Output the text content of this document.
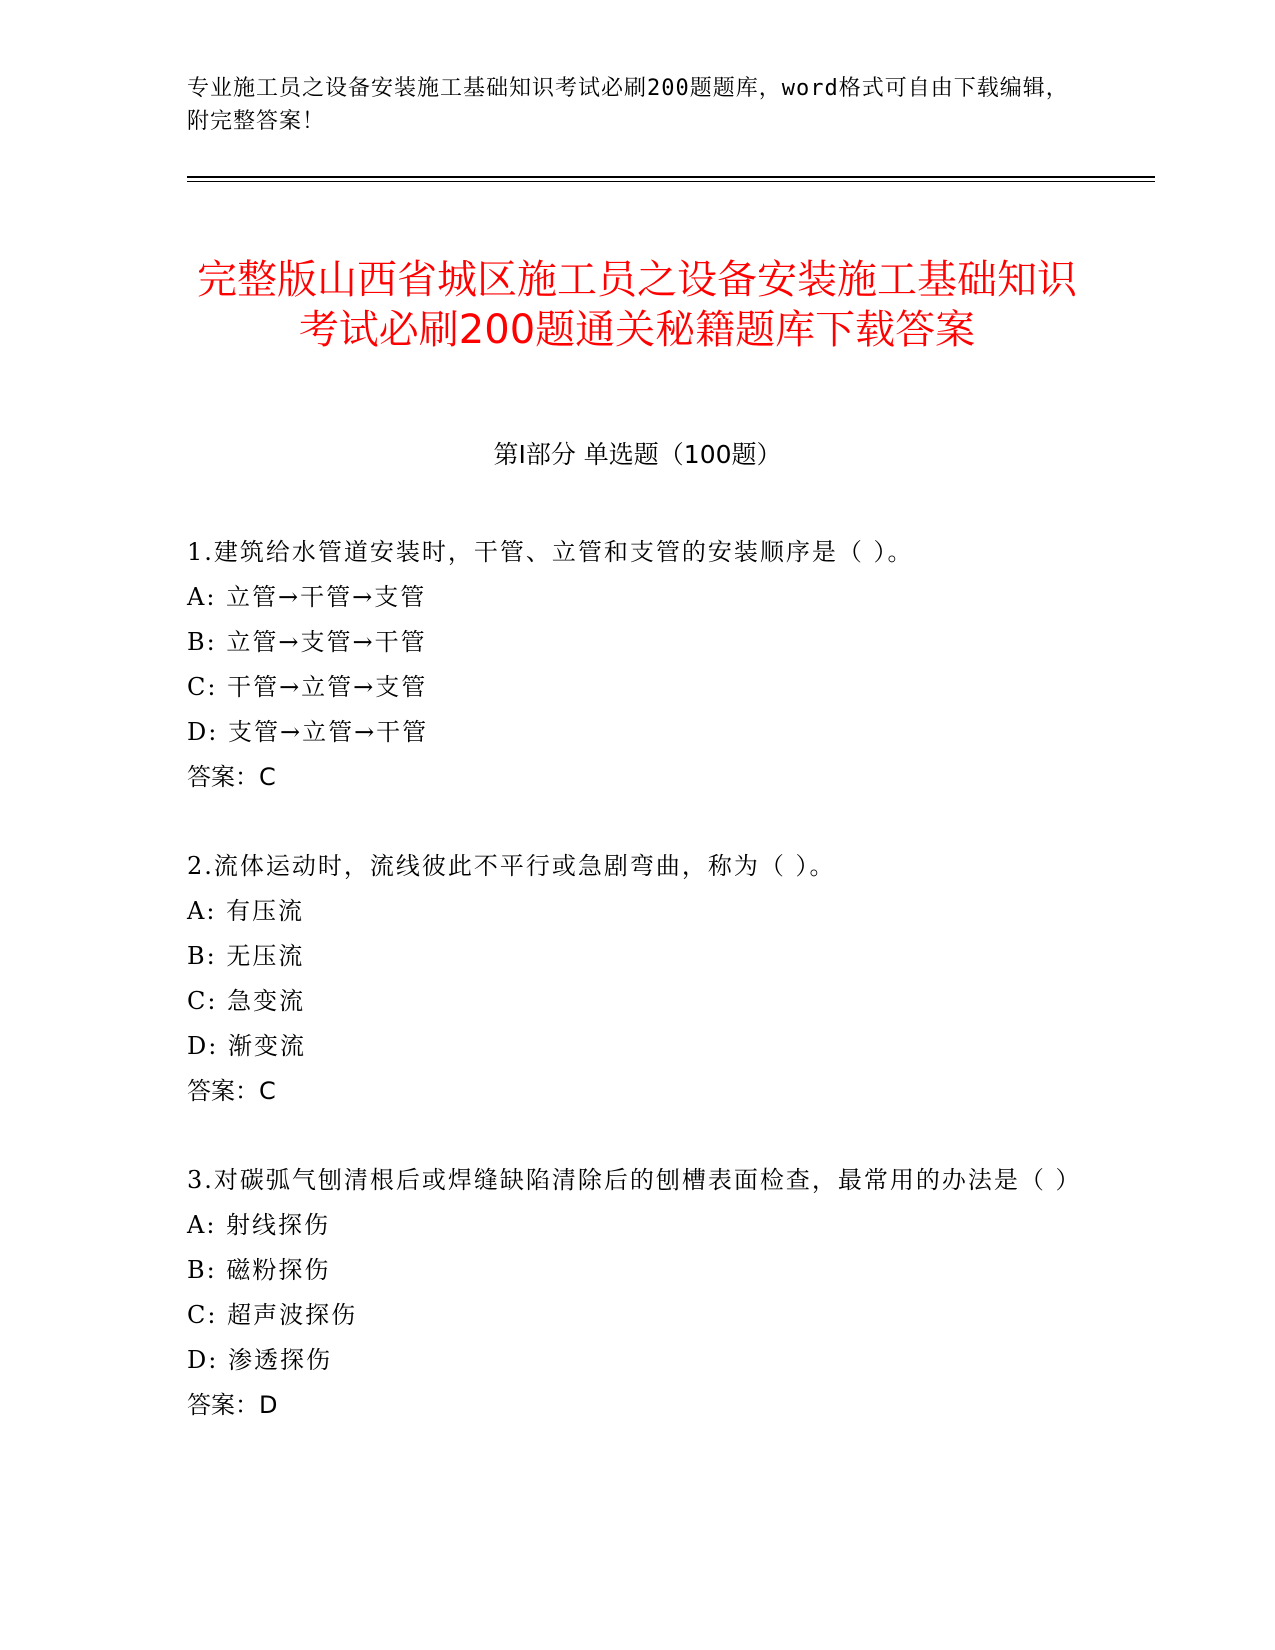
专业施工员之设备安装施工基础知识考试必刷200题题库，word格式可自由下载编辑，附完整答案！
完整版山西省城区施工员之设备安装施工基础知识考试必刷200题通关秘籍题库下载答案
第Ⅰ部分 单选题（100题）
1.建筑给水管道安装时，干管、立管和支管的安装顺序是（ ）。
A: 立管→干管→支管
B: 立管→支管→干管
C: 干管→立管→支管
D: 支管→立管→干管
答案：C
2.流体运动时，流线彼此不平行或急剧弯曲，称为（ ）。
A: 有压流
B: 无压流
C: 急变流
D: 渐变流
答案：C
3.对碳弧气刨清根后或焊缝缺陷清除后的刨槽表面检查，最常用的办法是（ ）
A: 射线探伤
B: 磁粉探伤
C: 超声波探伤
D: 渗透探伤
答案：D
